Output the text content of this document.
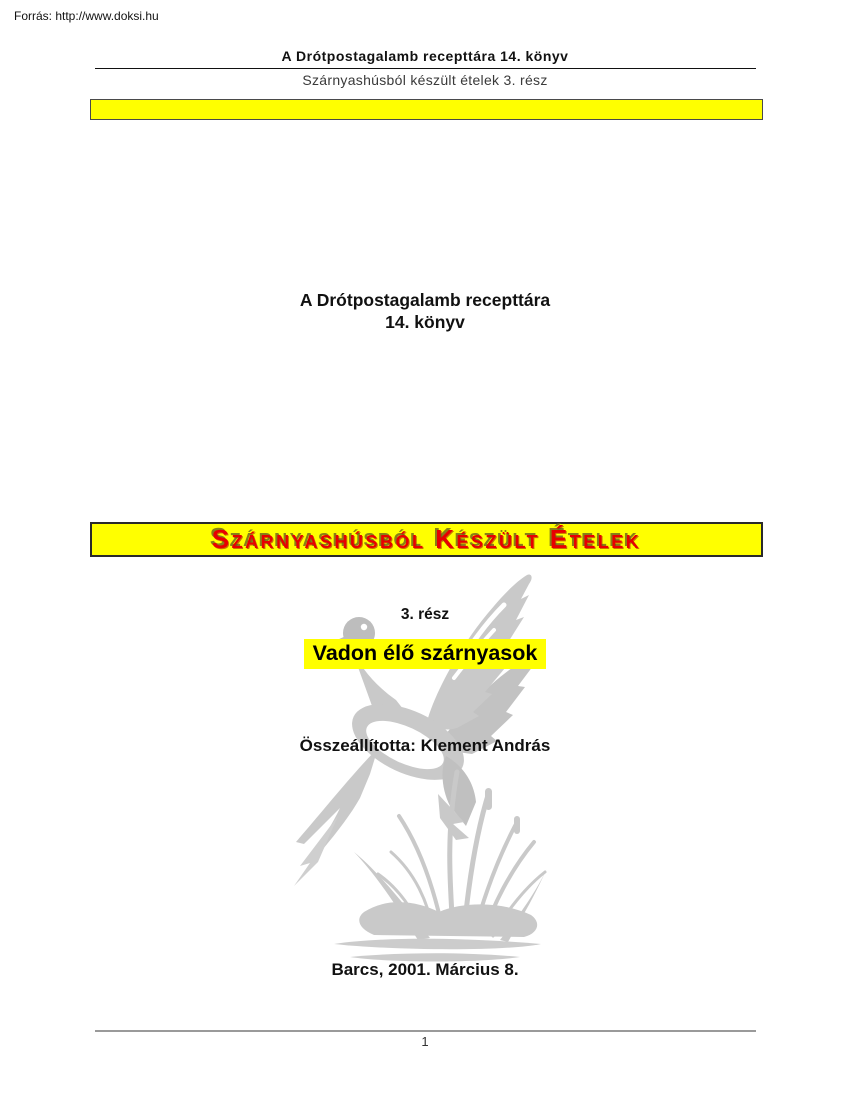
Forrás: http://www.doksi.hu
A Drótpostagalamb recepttára 14. könyv
Szárnyashúsból készült ételek 3. rész
A Drótpostagalamb recepttára
14. könyv
Szárnyashúsból Készült Ételek
3. rész
Vadon élő szárnyasok
Összeállította: Klement András
Barcs, 2001. Március 8.
1
